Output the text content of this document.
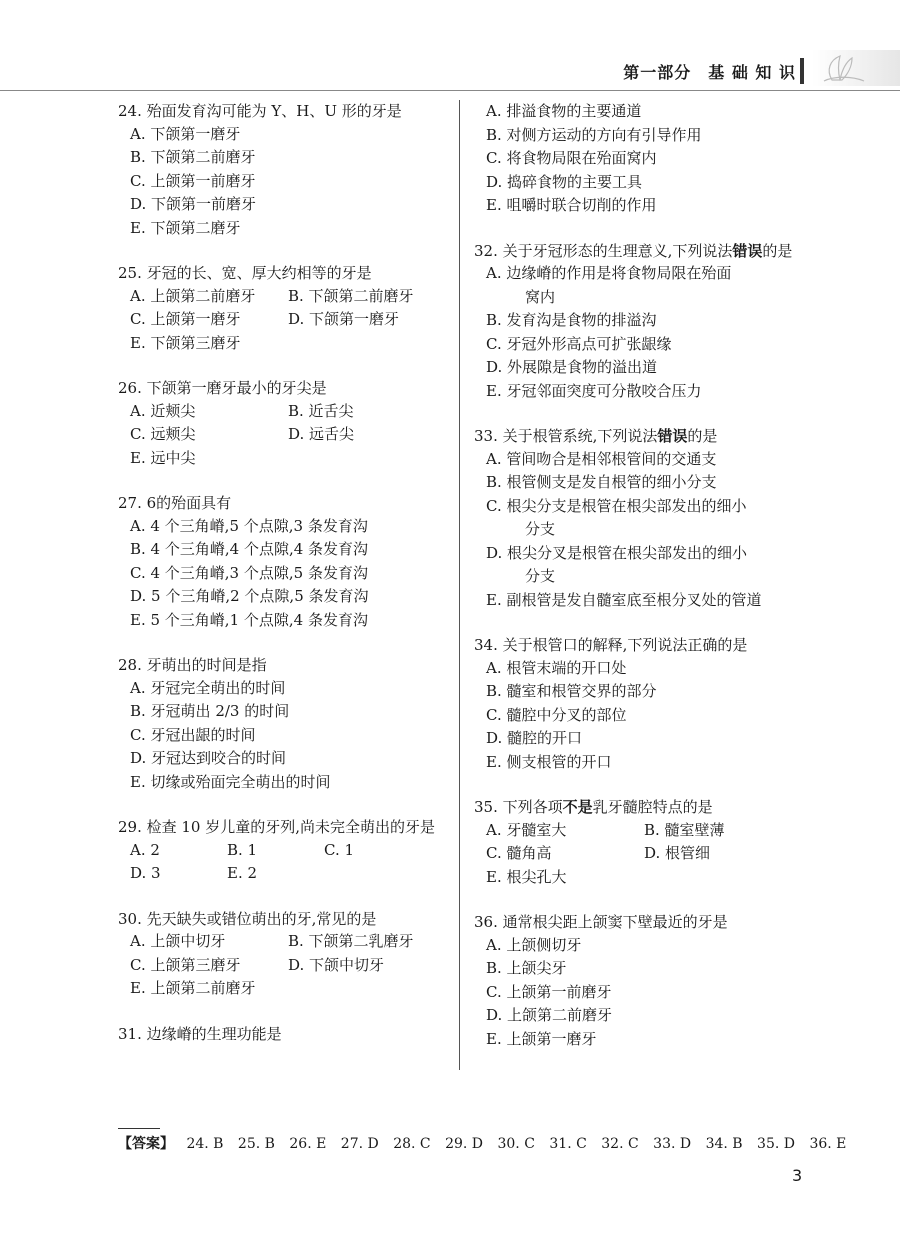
第一部分　基 础 知 识
24. 殆面发育沟可能为 Y、H、U 形的牙是
A. 下颌第一磨牙
B. 下颌第二前磨牙
C. 上颌第一前磨牙
D. 下颌第一前磨牙
E. 下颌第二磨牙
25. 牙冠的长、宽、厚大约相等的牙是
A. 上颌第二前磨牙	B. 下颌第二前磨牙
C. 上颌第一磨牙	D. 下颌第一磨牙
E. 下颌第三磨牙
26. 下颌第一磨牙最小的牙尖是
A. 近颊尖	B. 近舌尖
C. 远颊尖	D. 远舌尖
E. 远中尖
27. 6的殆面具有
A. 4 个三角嵴,5 个点隙,3 条发育沟
B. 4 个三角嵴,4 个点隙,4 条发育沟
C. 4 个三角嵴,3 个点隙,5 条发育沟
D. 5 个三角嵴,2 个点隙,5 条发育沟
E. 5 个三角嵴,1 个点隙,4 条发育沟
28. 牙萌出的时间是指
A. 牙冠完全萌出的时间
B. 牙冠萌出 2/3 的时间
C. 牙冠出龈的时间
D. 牙冠达到咬合的时间
E. 切缘或殆面完全萌出的时间
29. 检查 10 岁儿童的牙列,尚未完全萌出的牙是
A. 2	B. 1	C. 1
D. 3	E. 2
30. 先天缺失或错位萌出的牙,常见的是
A. 上颌中切牙	B. 下颌第二乳磨牙
C. 上颌第三磨牙	D. 下颌中切牙
E. 上颌第二前磨牙
31. 边缘嵴的生理功能是
A. 排溢食物的主要通道
B. 对侧方运动的方向有引导作用
C. 将食物局限在殆面窝内
D. 捣碎食物的主要工具
E. 咀嚼时联合切削的作用
32. 关于牙冠形态的生理意义,下列说法错误的是
A. 边缘嵴的作用是将食物局限在殆面
窝内
B. 发育沟是食物的排溢沟
C. 牙冠外形高点可扩张龈缘
D. 外展隙是食物的溢出道
E. 牙冠邻面突度可分散咬合压力
33. 关于根管系统,下列说法错误的是
A. 管间吻合是相邻根管间的交通支
B. 根管侧支是发自根管的细小分支
C. 根尖分支是根管在根尖部发出的细小
分支
D. 根尖分叉是根管在根尖部发出的细小
分支
E. 副根管是发自髓室底至根分叉处的管道
34. 关于根管口的解释,下列说法正确的是
A. 根管末端的开口处
B. 髓室和根管交界的部分
C. 髓腔中分叉的部位
D. 髓腔的开口
E. 侧支根管的开口
35. 下列各项不是乳牙髓腔特点的是
A. 牙髓室大	B. 髓室壁薄
C. 髓角高	D. 根管细
E. 根尖孔大
36. 通常根尖距上颌窦下壁最近的牙是
A. 上颌侧切牙
B. 上颌尖牙
C. 上颌第一前磨牙
D. 上颌第二前磨牙
E. 上颌第一磨牙
【答案】 24. B 25. B 26. E 27. D 28. C 29. D 30. C 31. C 32. C 33. D 34. B 35. D 36. E
3
